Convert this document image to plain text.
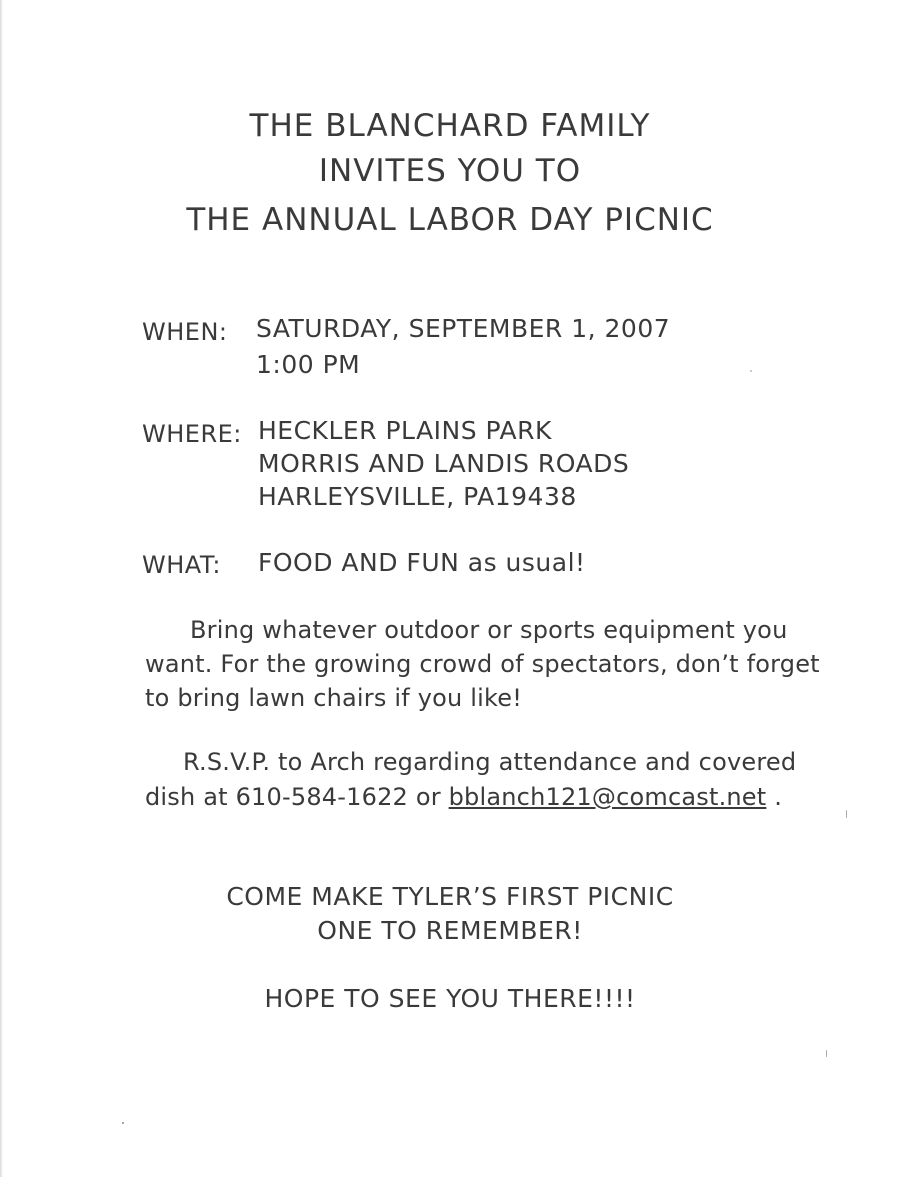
THE BLANCHARD FAMILY
INVITES YOU TO
THE ANNUAL LABOR DAY PICNIC
WHEN: SATURDAY, SEPTEMBER 1, 2007
1:00 PM
WHERE: HECKLER PLAINS PARK
MORRIS AND LANDIS ROADS
HARLEYSVILLE, PA19438
WHAT: FOOD AND FUN as usual!
Bring whatever outdoor or sports equipment you
want. For the growing crowd of spectators, don’t forget
to bring lawn chairs if you like!
R.S.V.P. to Arch regarding attendance and covered
dish at 610-584-1622 or bblanch121@comcast.net .
COME MAKE TYLER’S FIRST PICNIC
ONE TO REMEMBER!
HOPE TO SEE YOU THERE!!!!
